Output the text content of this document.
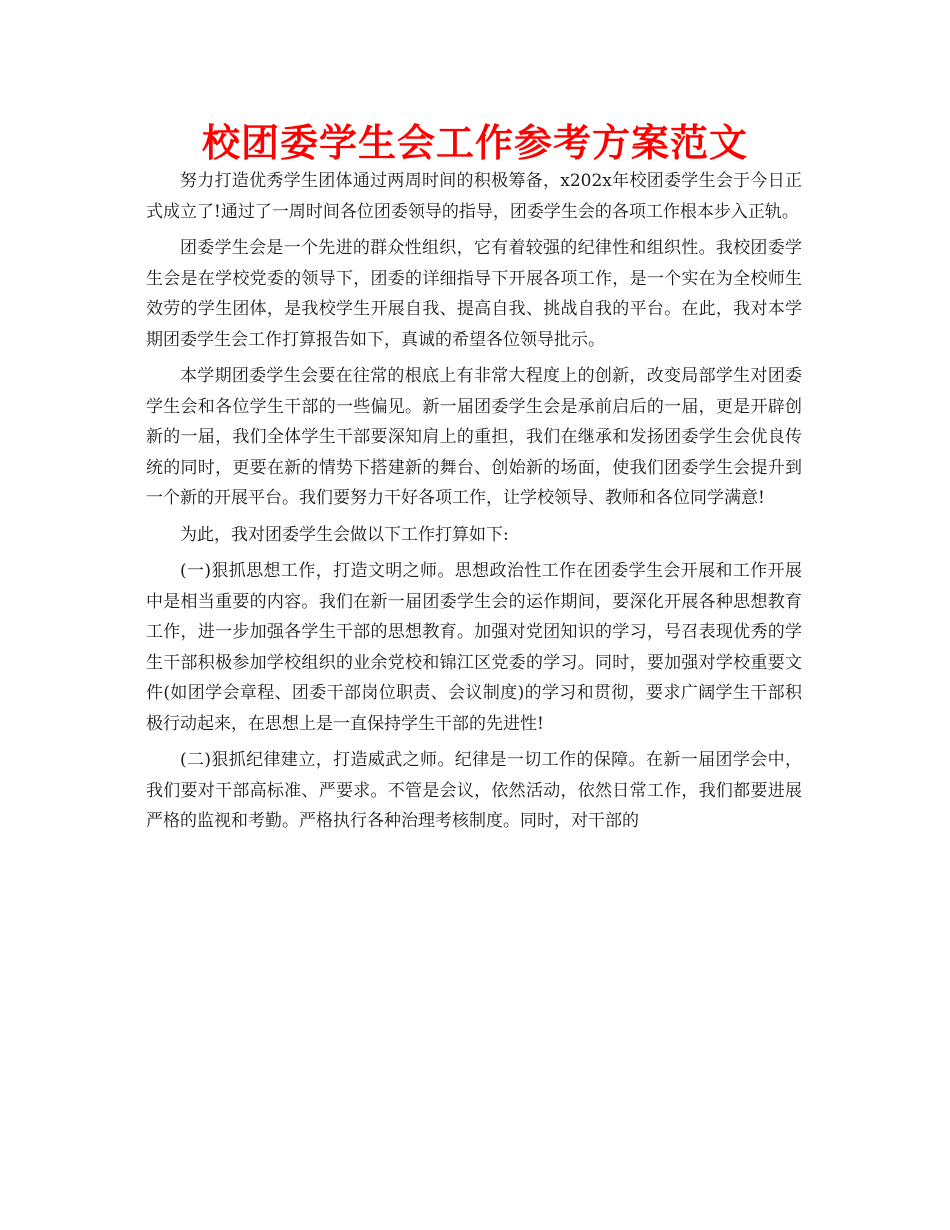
校团委学生会工作参考方案范文

努力打造优秀学生团体通过两周时间的积极筹备，x202x年校团委学生会于今日正式成立了!通过了一周时间各位团委领导的指导，团委学生会的各项工作根本步入正轨。

团委学生会是一个先进的群众性组织，它有着较强的纪律性和组织性。我校团委学生会是在学校党委的领导下，团委的详细指导下开展各项工作，是一个实在为全校师生效劳的学生团体，是我校学生开展自我、提高自我、挑战自我的平台。在此，我对本学期团委学生会工作打算报告如下，真诚的希望各位领导批示。

本学期团委学生会要在往常的根底上有非常大程度上的创新，改变局部学生对团委学生会和各位学生干部的一些偏见。新一届团委学生会是承前启后的一届，更是开辟创新的一届，我们全体学生干部要深知肩上的重担，我们在继承和发扬团委学生会优良传统的同时，更要在新的情势下搭建新的舞台、创始新的场面，使我们团委学生会提升到一个新的开展平台。我们要努力干好各项工作，让学校领导、教师和各位同学满意!

为此，我对团委学生会做以下工作打算如下:

(一)狠抓思想工作，打造文明之师。思想政治性工作在团委学生会开展和工作开展中是相当重要的内容。我们在新一届团委学生会的运作期间，要深化开展各种思想教育工作，进一步加强各学生干部的思想教育。加强对党团知识的学习，号召表现优秀的学生干部积极参加学校组织的业余党校和锦江区党委的学习。同时，要加强对学校重要文件(如团学会章程、团委干部岗位职责、会议制度)的学习和贯彻，要求广阔学生干部积极行动起来，在思想上是一直保持学生干部的先进性!

(二)狠抓纪律建立，打造威武之师。纪律是一切工作的保障。在新一届团学会中，我们要对干部高标准、严要求。不管是会议，依然活动，依然日常工作，我们都要进展严格的监视和考勤。严格执行各种治理考核制度。同时，对干部的
